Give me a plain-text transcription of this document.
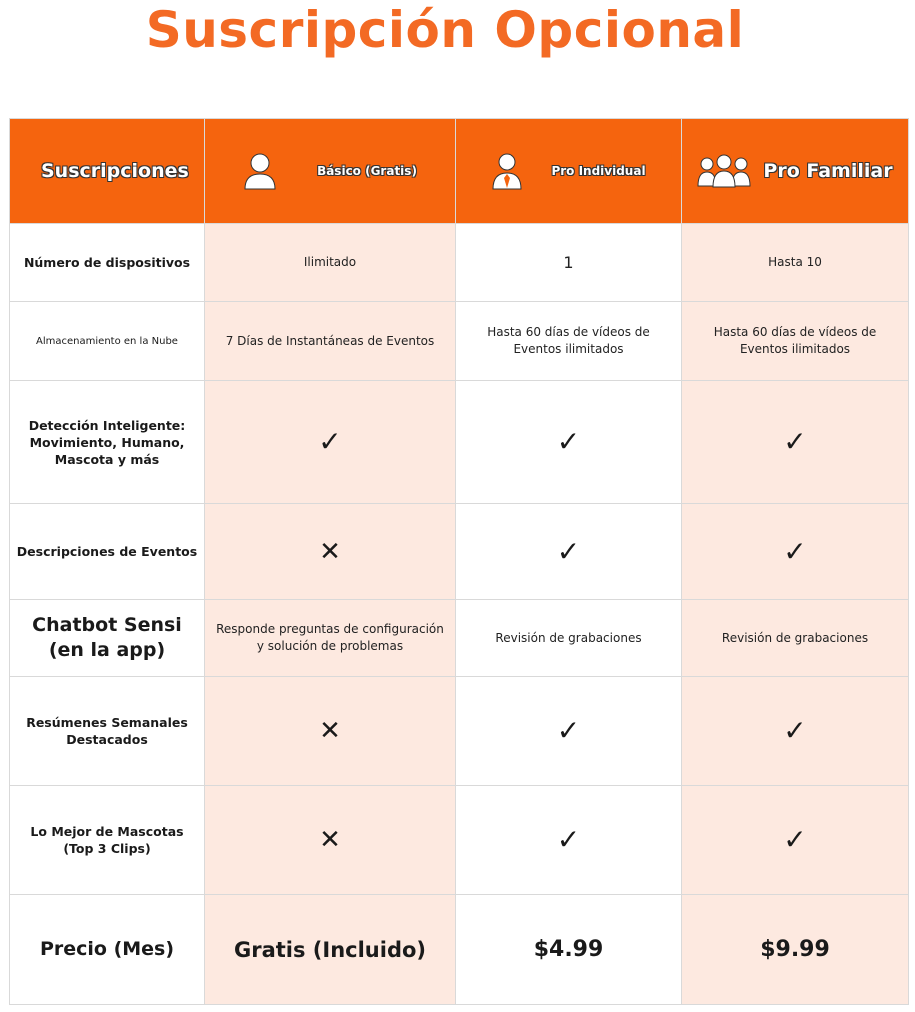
Suscripción Opcional
Suscripciones	Básico (Gratis)	Pro Individual	Pro Familiar

Número de dispositivos	Ilimitado	1	Hasta 10
Almacenamiento en la Nube	7 Días de Instantáneas de Eventos	Hasta 60 días de vídeos de Eventos ilimitados	Hasta 60 días de vídeos de Eventos ilimitados
Detección Inteligente: Movimiento, Humano, Mascota y más	✓	✓	✓
Descripciones de Eventos	✕	✓	✓
Chatbot Sensi (en la app)	Responde preguntas de configuración y solución de problemas	Revisión de grabaciones	Revisión de grabaciones
Resúmenes Semanales Destacados	✕	✓	✓
Lo Mejor de Mascotas (Top 3 Clips)	✕	✓	✓
Precio (Mes)	Gratis (Incluido)	$4.99	$9.99
